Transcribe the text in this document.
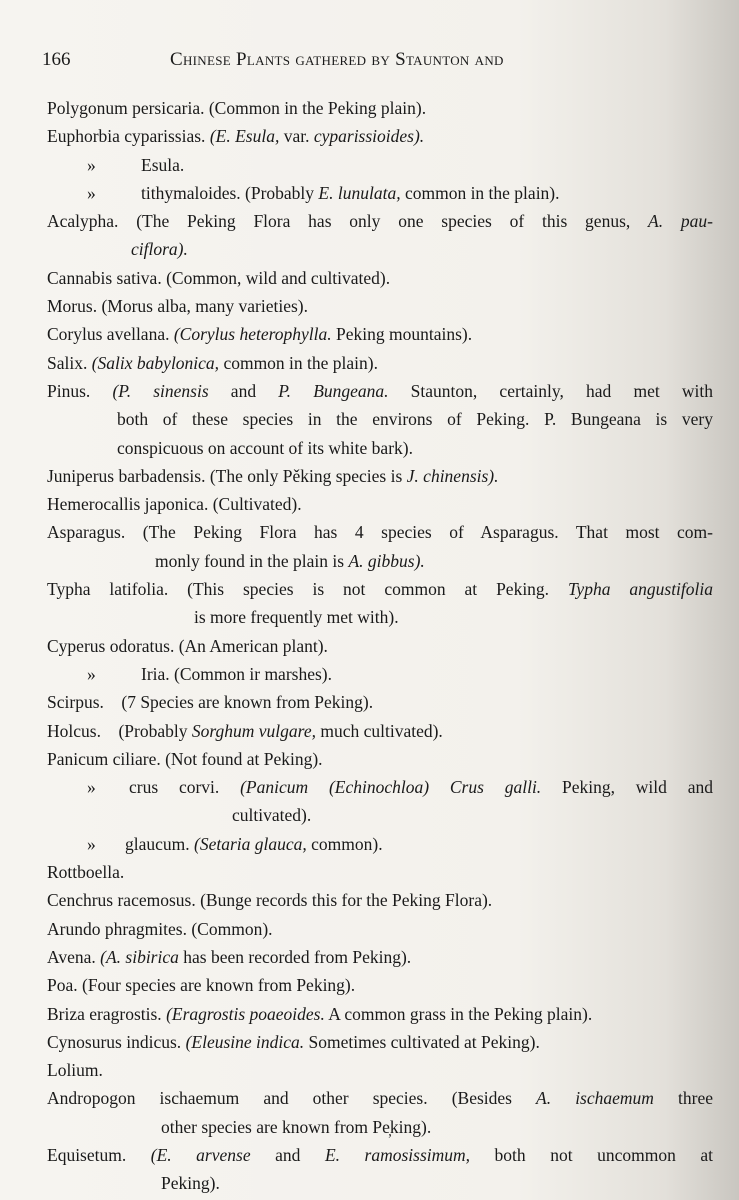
166	Chinese Plants gathered by Staunton and
Polygonum persicaria. (Common in the Peking plain).
Euphorbia cyparissias. (E. Esula, var. cyparissioides).
»	Esula.
»	tithymaloides. (Probably E. lunulata, common in the plain).
Acalypha. (The Peking Flora has only one species of this genus, A. pau-
ciflora).
Cannabis sativa. (Common, wild and cultivated).
Morus. (Morus alba, many varieties).
Corylus avellana. (Corylus heterophylla. Peking mountains).
Salix. (Salix babylonica, common in the plain).
Pinus. (P. sinensis and P. Bungeana. Staunton, certainly, had met with
both of these species in the environs of Peking. P. Bungeana is very
conspicuous on account of its white bark).
Juniperus barbadensis. (The only Pěking species is J. chinensis).
Hemerocallis japonica. (Cultivated).
Asparagus. (The Peking Flora has 4 species of Asparagus. That most com-
monly found in the plain is A. gibbus).
Typha latifolia. (This species is not common at Peking. Typha angustifolia
is more frequently met with).
Cyperus odoratus. (An American plant).
»	Iria. (Common ir marshes).
Scirpus.    (7 Species are known from Peking).
Holcus.    (Probably Sorghum vulgare, much cultivated).
Panicum ciliare. (Not found at Peking).
» crus corvi. (Panicum (Echinochloa) Crus galli. Peking, wild and
cultivated).
» glaucum. (Setaria glauca, common).
Rottboella.
Cenchrus racemosus. (Bunge records this for the Peking Flora).
Arundo phragmites. (Common).
Avena. (A. sibirica has been recorded from Peking).
Poa. (Four species are known from Peking).
Briza eragrostis. (Eragrostis poaeoides. A common grass in the Peking plain).
Cynosurus indicus. (Eleusine indica. Sometimes cultivated at Peking).
Lolium.
Andropogon ischaemum and other species. (Besides A. ischaemum three
other species are known from Pe̦king).
Equisetum. (E. arvense and E. ramosissimum, both not uncommon at
Peking).
